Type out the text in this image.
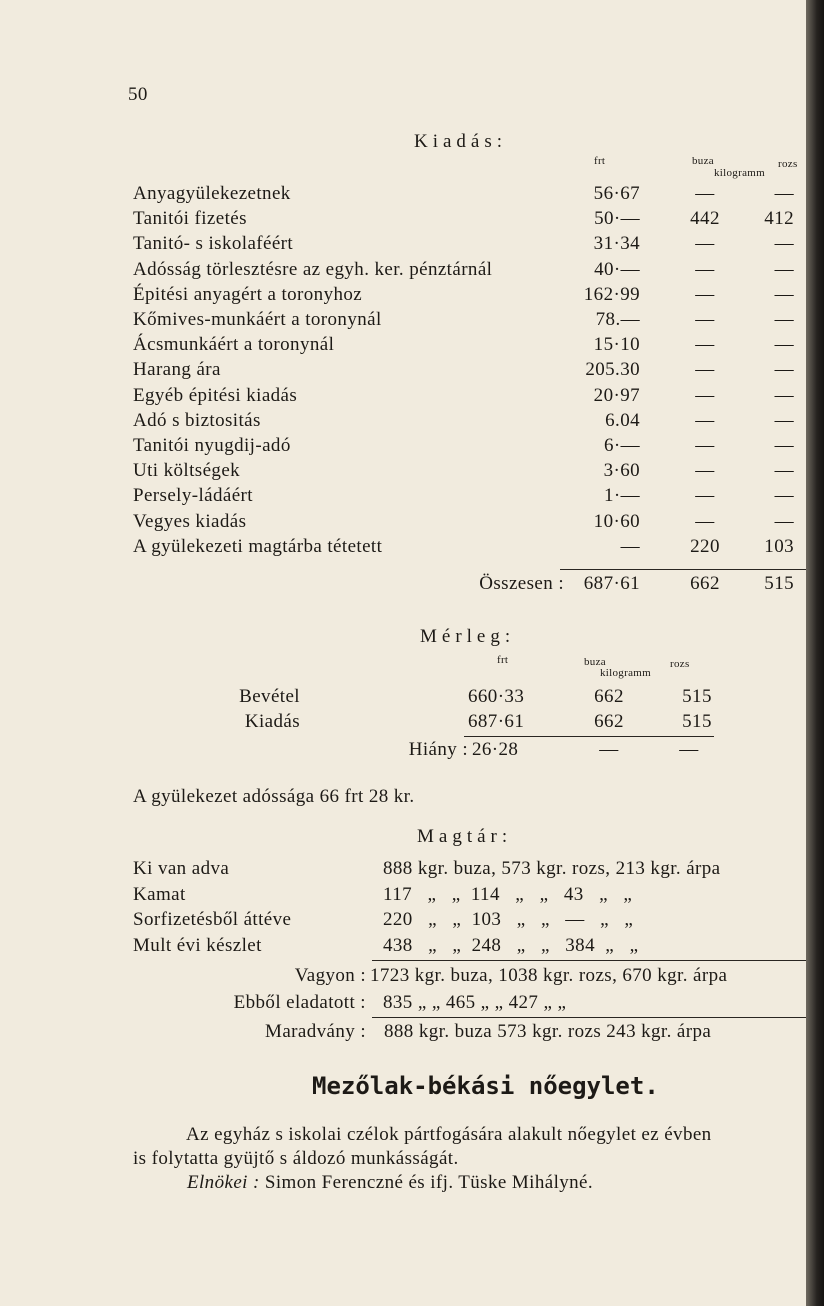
50
Kiadás:
frt	buza	rozs
kilogramm
Anyagyülekezetnek	56·67	—	—
Tanitói fizetés	50·—	442	412
Tanitó- s iskolaféért	31·34	—	—
Adósság törlesztésre az egyh. ker. pénztárnál	40·—	—	—
Épitési anyagért a toronyhoz	162·99	—	—
Kőmives-munkáért a toronynál	78.—	—	—
Ácsmunkáért a toronynál	15·10	—	—
Harang ára	205.30	—	—
Egyéb épitési kiadás	20·97	—	—
Adó s biztositás	6.04	—	—
Tanitói nyugdij-adó	6·—	—	—
Uti költségek	3·60	—	—
Persely-ládáért	1·—	—	—
Vegyes kiadás	10·60	—	—
A gyülekezeti magtárba tétetett	—	220	103
Összesen :	687·61	662	515
Mérleg:
frt	buza	rozs
kilogramm
Bevétel	660·33	662	515
Kiadás	687·61	662	515
Hiány : 26·28	—	—
A gyülekezet adóssága 66 frt 28 kr.
Magtár:
Ki van adva	888 kgr. buza, 573 kgr. rozs, 213 kgr. árpa
Kamat	117   „   „  114   „   „   43   „   „
Sorfizetésből áttéve	220   „   „  103   „   „   —   „   „
Mult évi készlet	438   „   „  248   „   „   384  „   „
Vagyon : 1723 kgr. buza, 1038 kgr. rozs, 670 kgr. árpa
Ebből eladatott : 835 „ „ 465 „ „ 427 „ „
Maradvány : 888 kgr. buza 573 kgr. rozs 243 kgr. árpa
Mezőlak-békási nőegylet.
Az egyház s iskolai czélok pártfogására alakult nőegylet ez évben
is folytatta gyüjtő s áldozó munkásságát.
Elnökei : Simon Ferenczné és ifj. Tüske Mihályné.
